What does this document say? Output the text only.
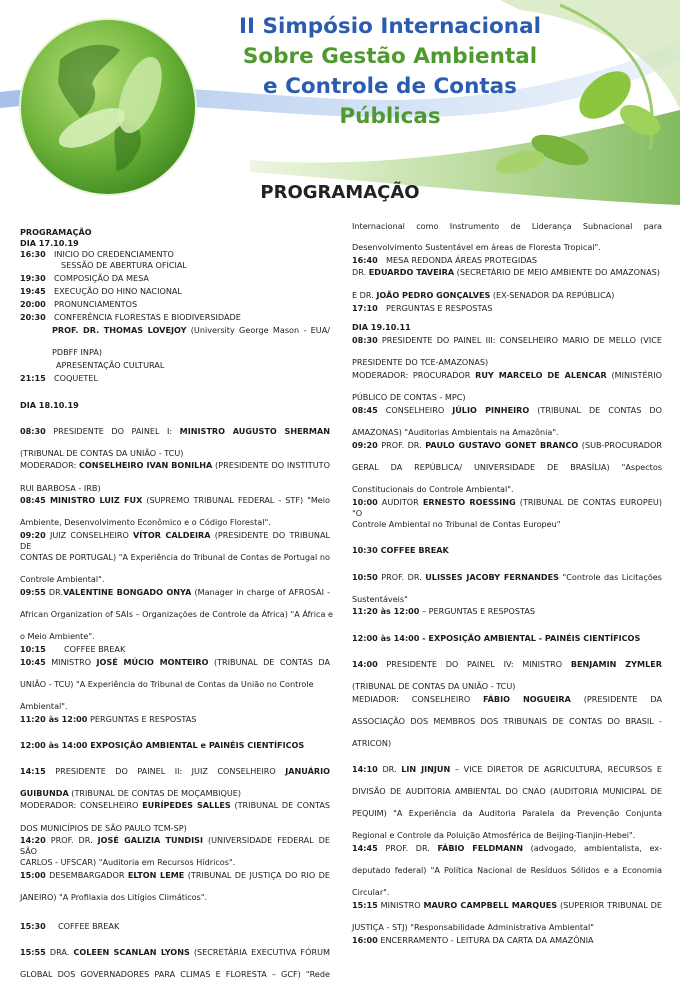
II Simpósio Internacional
Sobre Gestão Ambiental
e Controle de Contas
Públicas
PROGRAMAÇÃO
PROGRAMAÇÃO
DIA 17.10.19
16:30 INICIO DO CREDENCIAMENTO
SESSÃO DE ABERTURA OFICIAL
19:30 COMPOSIÇÃO DA MESA
19:45 EXECUÇÃO DO HINO NACIONAL
20:00 PRONUNCIAMENTOS
20:30 CONFERÊNCIA FLORESTAS E BIODIVERSIDADE
PROF. DR. THOMAS LOVEJOY (University George Mason - EUA/
PDBFF INPA)
APRESENTAÇÃO CULTURAL
21:15 COQUETEL
DIA 18.10.19
08:30 PRESIDENTE DO PAINEL I: MINISTRO AUGUSTO SHERMAN
(TRIBUNAL DE CONTAS DA UNIÃO - TCU)
MODERADOR: CONSELHEIRO IVAN BONILHA (PRESIDENTE DO INSTITUTO
RUI BARBOSA - IRB)
08:45 MINISTRO LUIZ FUX (SUPREMO TRIBUNAL FEDERAL - STF) "Meio
Ambiente, Desenvolvimento Econômico e o Código Florestal".
09:20 JUIZ CONSELHEIRO VÍTOR CALDEIRA (PRESIDENTE DO TRIBUNAL DE
CONTAS DE PORTUGAL) "A Experiência do Tribunal de Contas de Portugal no
Controle Ambiental".
09:55 DR.VALENTINE BONGADO ONYA (Manager in charge of AFROSAI -
African Organization of SAIs – Organizações de Controle da África) "A África e
o Meio Ambiente".
10:15 COFFEE BREAK
10:45 MINISTRO JOSÉ MÚCIO MONTEIRO (TRIBUNAL DE CONTAS DA
UNIÃO - TCU) "A Experiência do Tribunal de Contas da União no Controle
Ambiental".
11:20 às 12:00 PERGUNTAS E RESPOSTAS
12:00 às 14:00 EXPOSIÇÃO AMBIENTAL e PAINÉIS CIENTÍFICOS
14:15 PRESIDENTE DO PAINEL II: JUIZ CONSELHEIRO JANUÁRIO
GUIBUNDA (TRIBUNAL DE CONTAS DE MOÇAMBIQUE)
MODERADOR: CONSELHEIRO EURÍPEDES SALLES (TRIBUNAL DE CONTAS
DOS MUNICÍPIOS DE SÃO PAULO TCM-SP)
14:20 PROF. DR. JOSÉ GALIZIA TUNDISI (UNIVERSIDADE FEDERAL DE SÃO
CARLOS - UFSCAR) "Auditoria em Recursos Hídricos".
15:00 DESEMBARGADOR ELTON LEME (TRIBUNAL DE JUSTIÇA DO RIO DE
JANEIRO) "A Profilaxia dos Litígios Climáticos".
15:30 COFFEE BREAK
15:55 DRA. COLEEN SCANLAN LYONS (SECRETÁRIA EXECUTIVA FÓRUM
GLOBAL DOS GOVERNADORES PARA CLIMAS E FLORESTA – GCF) "Rede
Internacional como Instrumento de Liderança Subnacional para
Desenvolvimento Sustentável em áreas de Floresta Tropical".
16:40 MESA REDONDA ÁREAS PROTEGIDAS
DR. EDUARDO TAVEIRA (SECRETÁRIO DE MEIO AMBIENTE DO AMAZONAS)
E DR. JOÃO PEDRO GONÇALVES (EX-SENADOR DA REPÚBLICA)
17:10 PERGUNTAS E RESPOSTAS
DIA 19.10.11
08:30 PRESIDENTE DO PAINEL III: CONSELHEIRO MARIO DE MELLO (VICE
PRESIDENTE DO TCE-AMAZONAS)
MODERADOR: PROCURADOR RUY MARCELO DE ALENCAR (MINISTÉRIO
PÚBLICO DE CONTAS - MPC)
08:45 CONSELHEIRO JÚLIO PINHEIRO (TRIBUNAL DE CONTAS DO
AMAZONAS) "Auditorias Ambientais na Amazônia".
09:20 PROF. DR. PAULO GUSTAVO GONET BRANCO (SUB-PROCURADOR
GERAL DA REPÚBLICA/ UNIVERSIDADE DE BRASÍLIA) "Aspectos
Constitucionais do Controle Ambiental".
10:00 AUDITOR ERNESTO ROESSING (TRIBUNAL DE CONTAS EUROPEU) "O
Controle Ambiental no Tribunal de Contas Europeu"
10:30 COFFEE BREAK
10:50 PROF. DR. ULISSES JACOBY FERNANDES "Controle das Licitações
Sustentáveis"
11:20 às 12:00 – PERGUNTAS E RESPOSTAS
12:00 às 14:00 - EXPOSIÇÃO AMBIENTAL - PAINÉIS CIENTÍFICOS
14:00 PRESIDENTE DO PAINEL IV: MINISTRO BENJAMIN ZYMLER
(TRIBUNAL DE CONTAS DA UNIÃO - TCU)
MEDIADOR: CONSELHEIRO FÁBIO NOGUEIRA (PRESIDENTE DA
ASSOCIAÇÃO DOS MEMBROS DOS TRIBUNAIS DE CONTAS DO BRASIL -
ATRICON)
14:10 DR. LIN JINJUN – VICE DIRETOR DE AGRICULTURA, RECURSOS E
DIVISÃO DE AUDITORIA AMBIENTAL DO CNAO (AUDITORIA MUNICIPAL DE
PEQUIM) "A Experiência da Auditoria Paralela da Prevenção Conjunta
Regional e Controle da Poluição Atmosférica de Beijing-Tianjin-Hebei".
14:45 PROF. DR. FÁBIO FELDMANN (advogado, ambientalista, ex-
deputado federal) "A Política Nacional de Resíduos Sólidos e a Economia
Circular".
15:15 MINISTRO MAURO CAMPBELL MARQUES (SUPERIOR TRIBUNAL DE
JUSTIÇA - STJ) "Responsabilidade Administrativa Ambiental"
16:00 ENCERRAMENTO - LEITURA DA CARTA DA AMAZÔNIA
